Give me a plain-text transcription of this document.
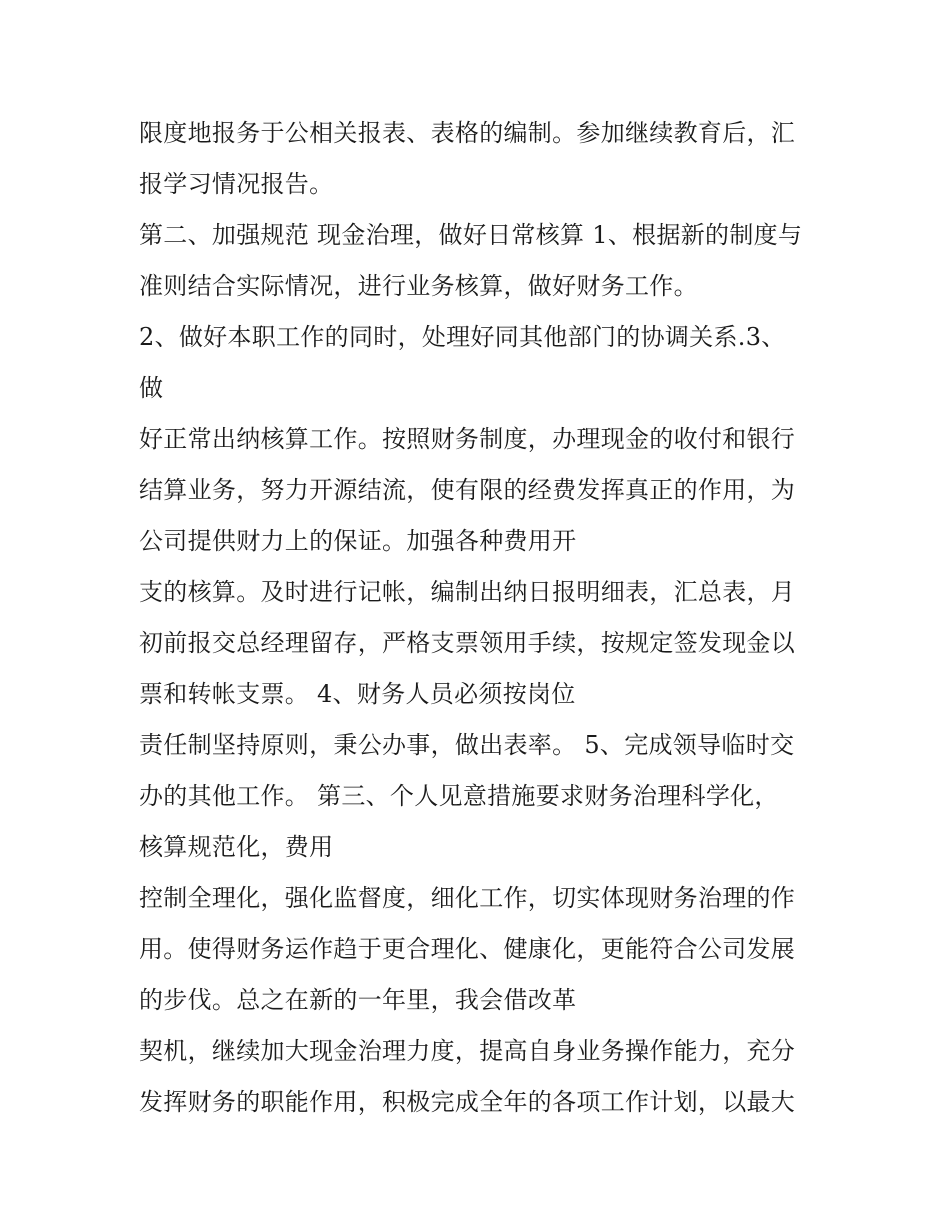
限度地报务于公相关报表、表格的编制。参加继续教育后，汇
报学习情况报告。
第二、加强规范 现金治理，做好日常核算 1、根据新的制度与
准则结合实际情况，进行业务核算，做好财务工作。
2、做好本职工作的同时，处理好同其他部门的协调关系.3、
做
好正常出纳核算工作。按照财务制度，办理现金的收付和银行
结算业务，努力开源结流，使有限的经费发挥真正的作用，为
公司提供财力上的保证。加强各种费用开
支的核算。及时进行记帐，编制出纳日报明细表，汇总表，月
初前报交总经理留存，严格支票领用手续，按规定签发现金以
票和转帐支票。 4、财务人员必须按岗位
责任制坚持原则，秉公办事，做出表率。 5、完成领导临时交
办的其他工作。 第三、个人见意措施要求财务治理科学化，
核算规范化，费用
控制全理化，强化监督度，细化工作，切实体现财务治理的作
用。使得财务运作趋于更合理化、健康化，更能符合公司发展
的步伐。总之在新的一年里，我会借改革
契机，继续加大现金治理力度，提高自身业务操作能力，充分
发挥财务的职能作用，积极完成全年的各项工作计划，以最大
